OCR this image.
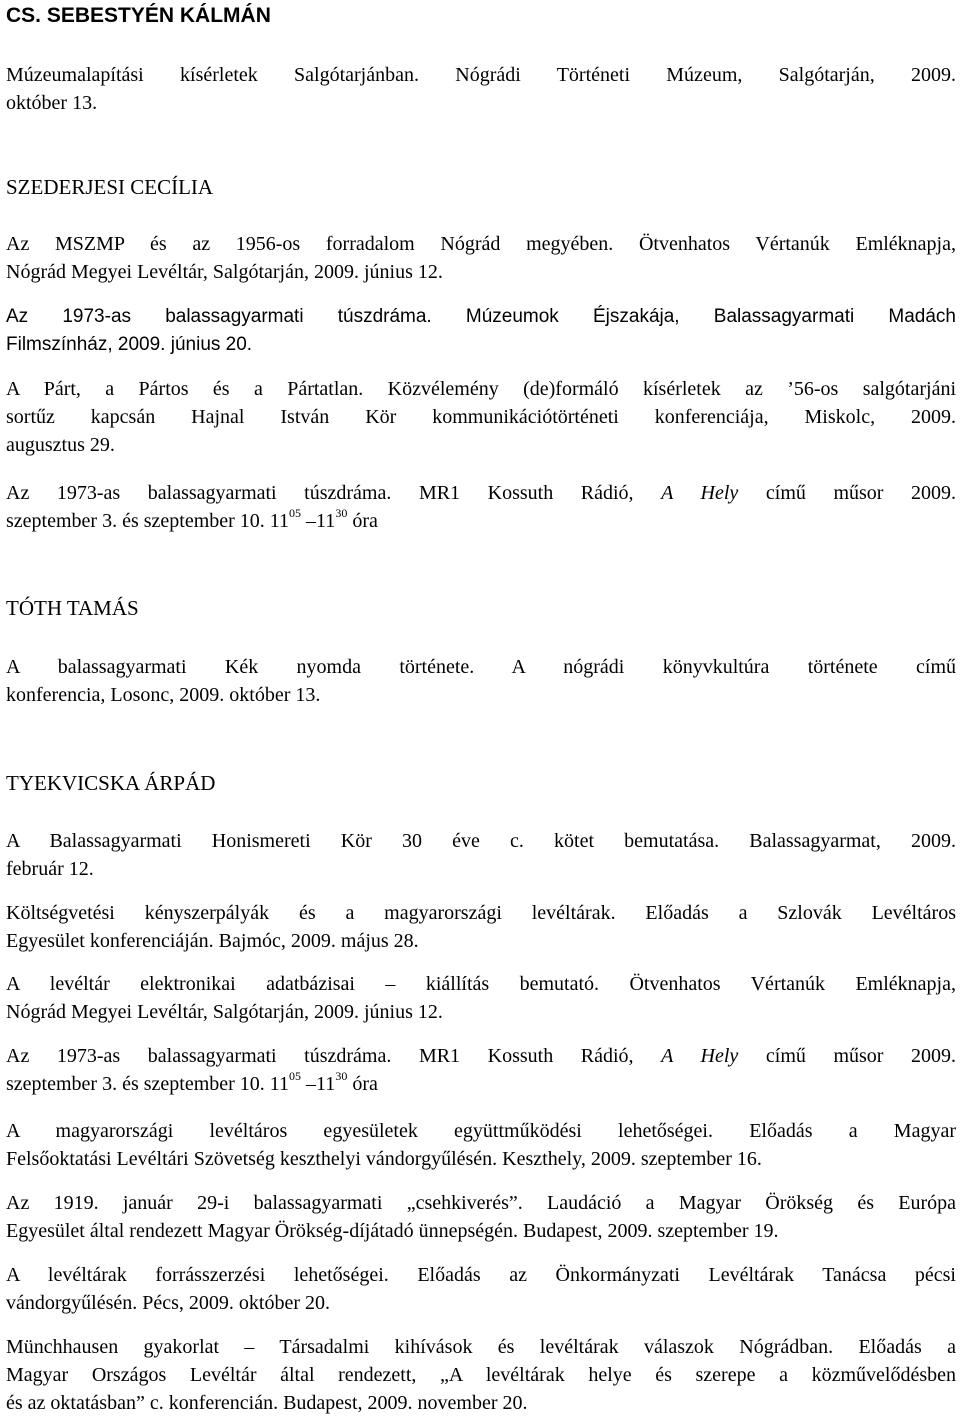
CS. SEBESTYÉN KÁLMÁN
Múzeumalapítási kísérletek Salgótarjánban. Nógrádi Történeti Múzeum, Salgótarján, 2009.
október 13.
SZEDERJESI CECÍLIA
Az MSZMP és az 1956-os forradalom Nógrád megyében. Ötvenhatos Vértanúk Emléknapja,
Nógrád Megyei Levéltár, Salgótarján, 2009. június 12.
Az 1973-as balassagyarmati túszdráma. Múzeumok Éjszakája, Balassagyarmati Madách
Filmszínház, 2009. június 20.
A Párt, a Pártos és a Pártatlan. Közvélemény (de)formáló kísérletek az ’56-os salgótarjáni
sortűz kapcsán Hajnal István Kör kommunikációtörténeti konferenciája, Miskolc, 2009.
augusztus 29.
Az 1973-as balassagyarmati túszdráma. MR1 Kossuth Rádió, A Hely című műsor 2009.
szeptember 3. és szeptember 10. $11^{05}$ $-11^{30}$ óra
TÓTH TAMÁS
A balassagyarmati Kék nyomda története. A nógrádi könyvkultúra története című
konferencia, Losonc, 2009. október 13.
TYEKVICSKA ÁRPÁD
A Balassagyarmati Honismereti Kör 30 éve c. kötet bemutatása. Balassagyarmat, 2009.
február 12.
Költségvetési kényszerpályák és a magyarországi levéltárak. Előadás a Szlovák Levéltáros
Egyesület konferenciáján. Bajmóc, 2009. május 28.
A levéltár elektronikai adatbázisai – kiállítás bemutató. Ötvenhatos Vértanúk Emléknapja,
Nógrád Megyei Levéltár, Salgótarján, 2009. június 12.
Az 1973-as balassagyarmati túszdráma. MR1 Kossuth Rádió, A Hely című műsor 2009.
szeptember 3. és szeptember 10. $11^{05}$ $-11^{30}$ óra
A magyarországi levéltáros egyesületek együttműködési lehetőségei. Előadás a Magyar
Felsőoktatási Levéltári Szövetség keszthelyi vándorgyűlésén. Keszthely, 2009. szeptember 16.
Az 1919. január 29-i balassagyarmati „csehkiverés”. Laudáció a Magyar Örökség és Európa
Egyesület által rendezett Magyar Örökség-díjátadó ünnepségén. Budapest, 2009. szeptember 19.
A levéltárak forrásszerzési lehetőségei. Előadás az Önkormányzati Levéltárak Tanácsa pécsi
vándorgyűlésén. Pécs, 2009. október 20.
Münchhausen gyakorlat – Társadalmi kihívások és levéltárak válaszok Nógrádban. Előadás a
Magyar Országos Levéltár által rendezett, „A levéltárak helye és szerepe a közművelődésben
és az oktatásban” c. konferencián. Budapest, 2009. november 20.
